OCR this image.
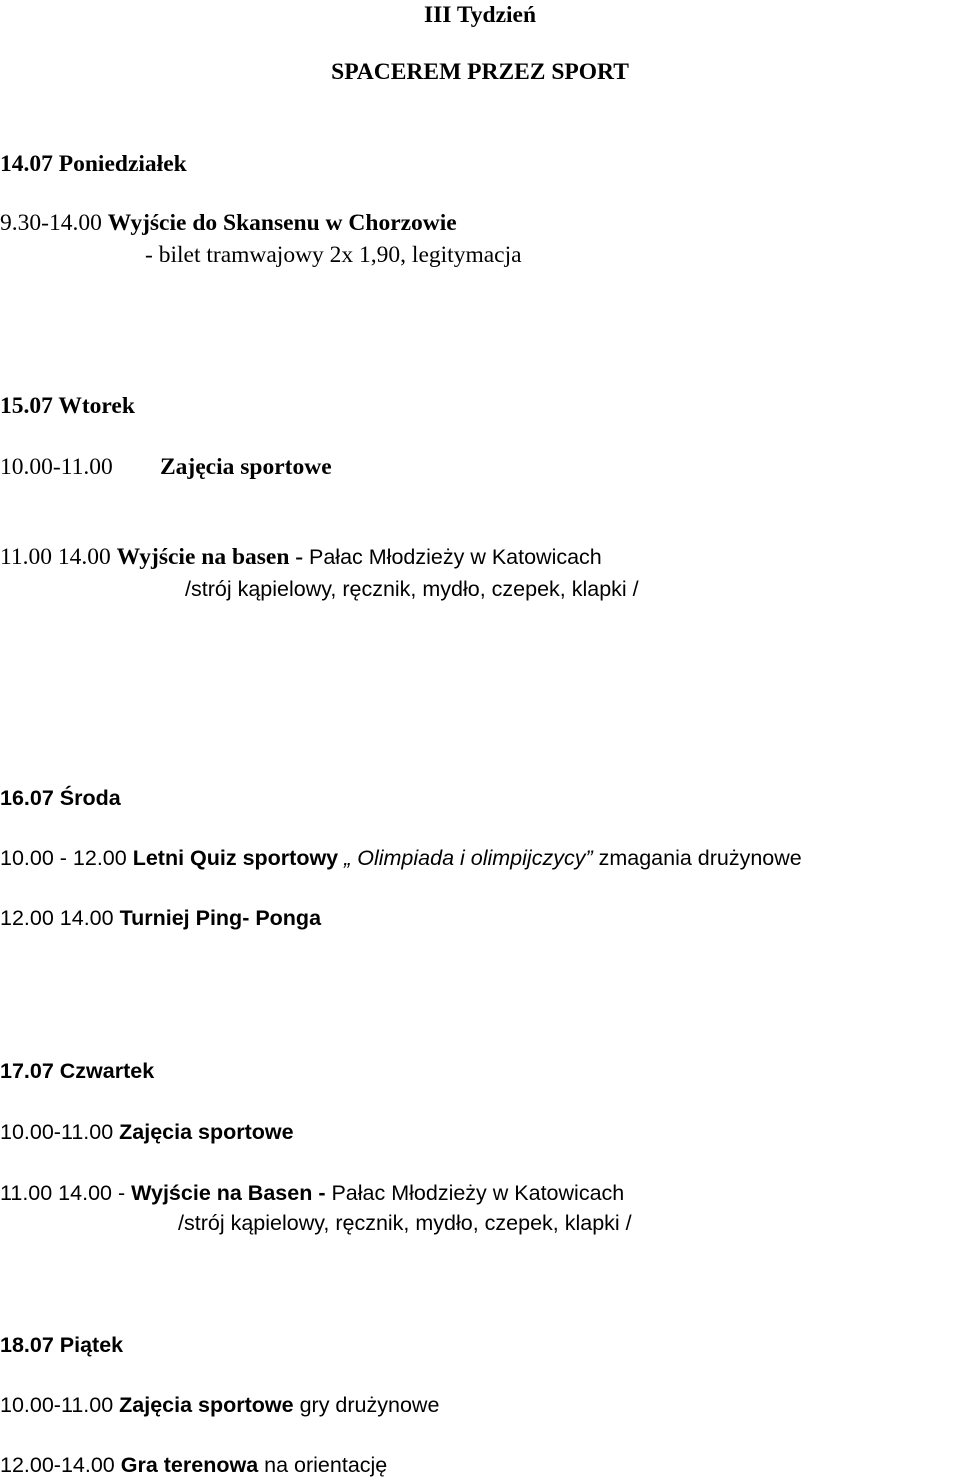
III Tydzień
SPACEREM PRZEZ SPORT
14.07 Poniedziałek
9.30-14.00 Wyjście do Skansenu w Chorzowie
- bilet tramwajowy 2x 1,90, legitymacja
15.07 Wtorek
10.00-11.00 Zajęcia sportowe
11.00 14.00 Wyjście na basen - Pałac Młodzieży w Katowicach
/strój kąpielowy, ręcznik, mydło, czepek, klapki /
16.07 Środa
10.00 - 12.00 Letni Quiz sportowy „ Olimpiada i olimpijczycy” zmagania drużynowe
12.00 14.00 Turniej Ping- Ponga
17.07 Czwartek
10.00-11.00 Zajęcia sportowe
11.00 14.00 - Wyjście na Basen - Pałac Młodzieży w Katowicach
/strój kąpielowy, ręcznik, mydło, czepek, klapki /
18.07 Piątek
10.00-11.00 Zajęcia sportowe gry drużynowe
12.00-14.00 Gra terenowa na orientację
